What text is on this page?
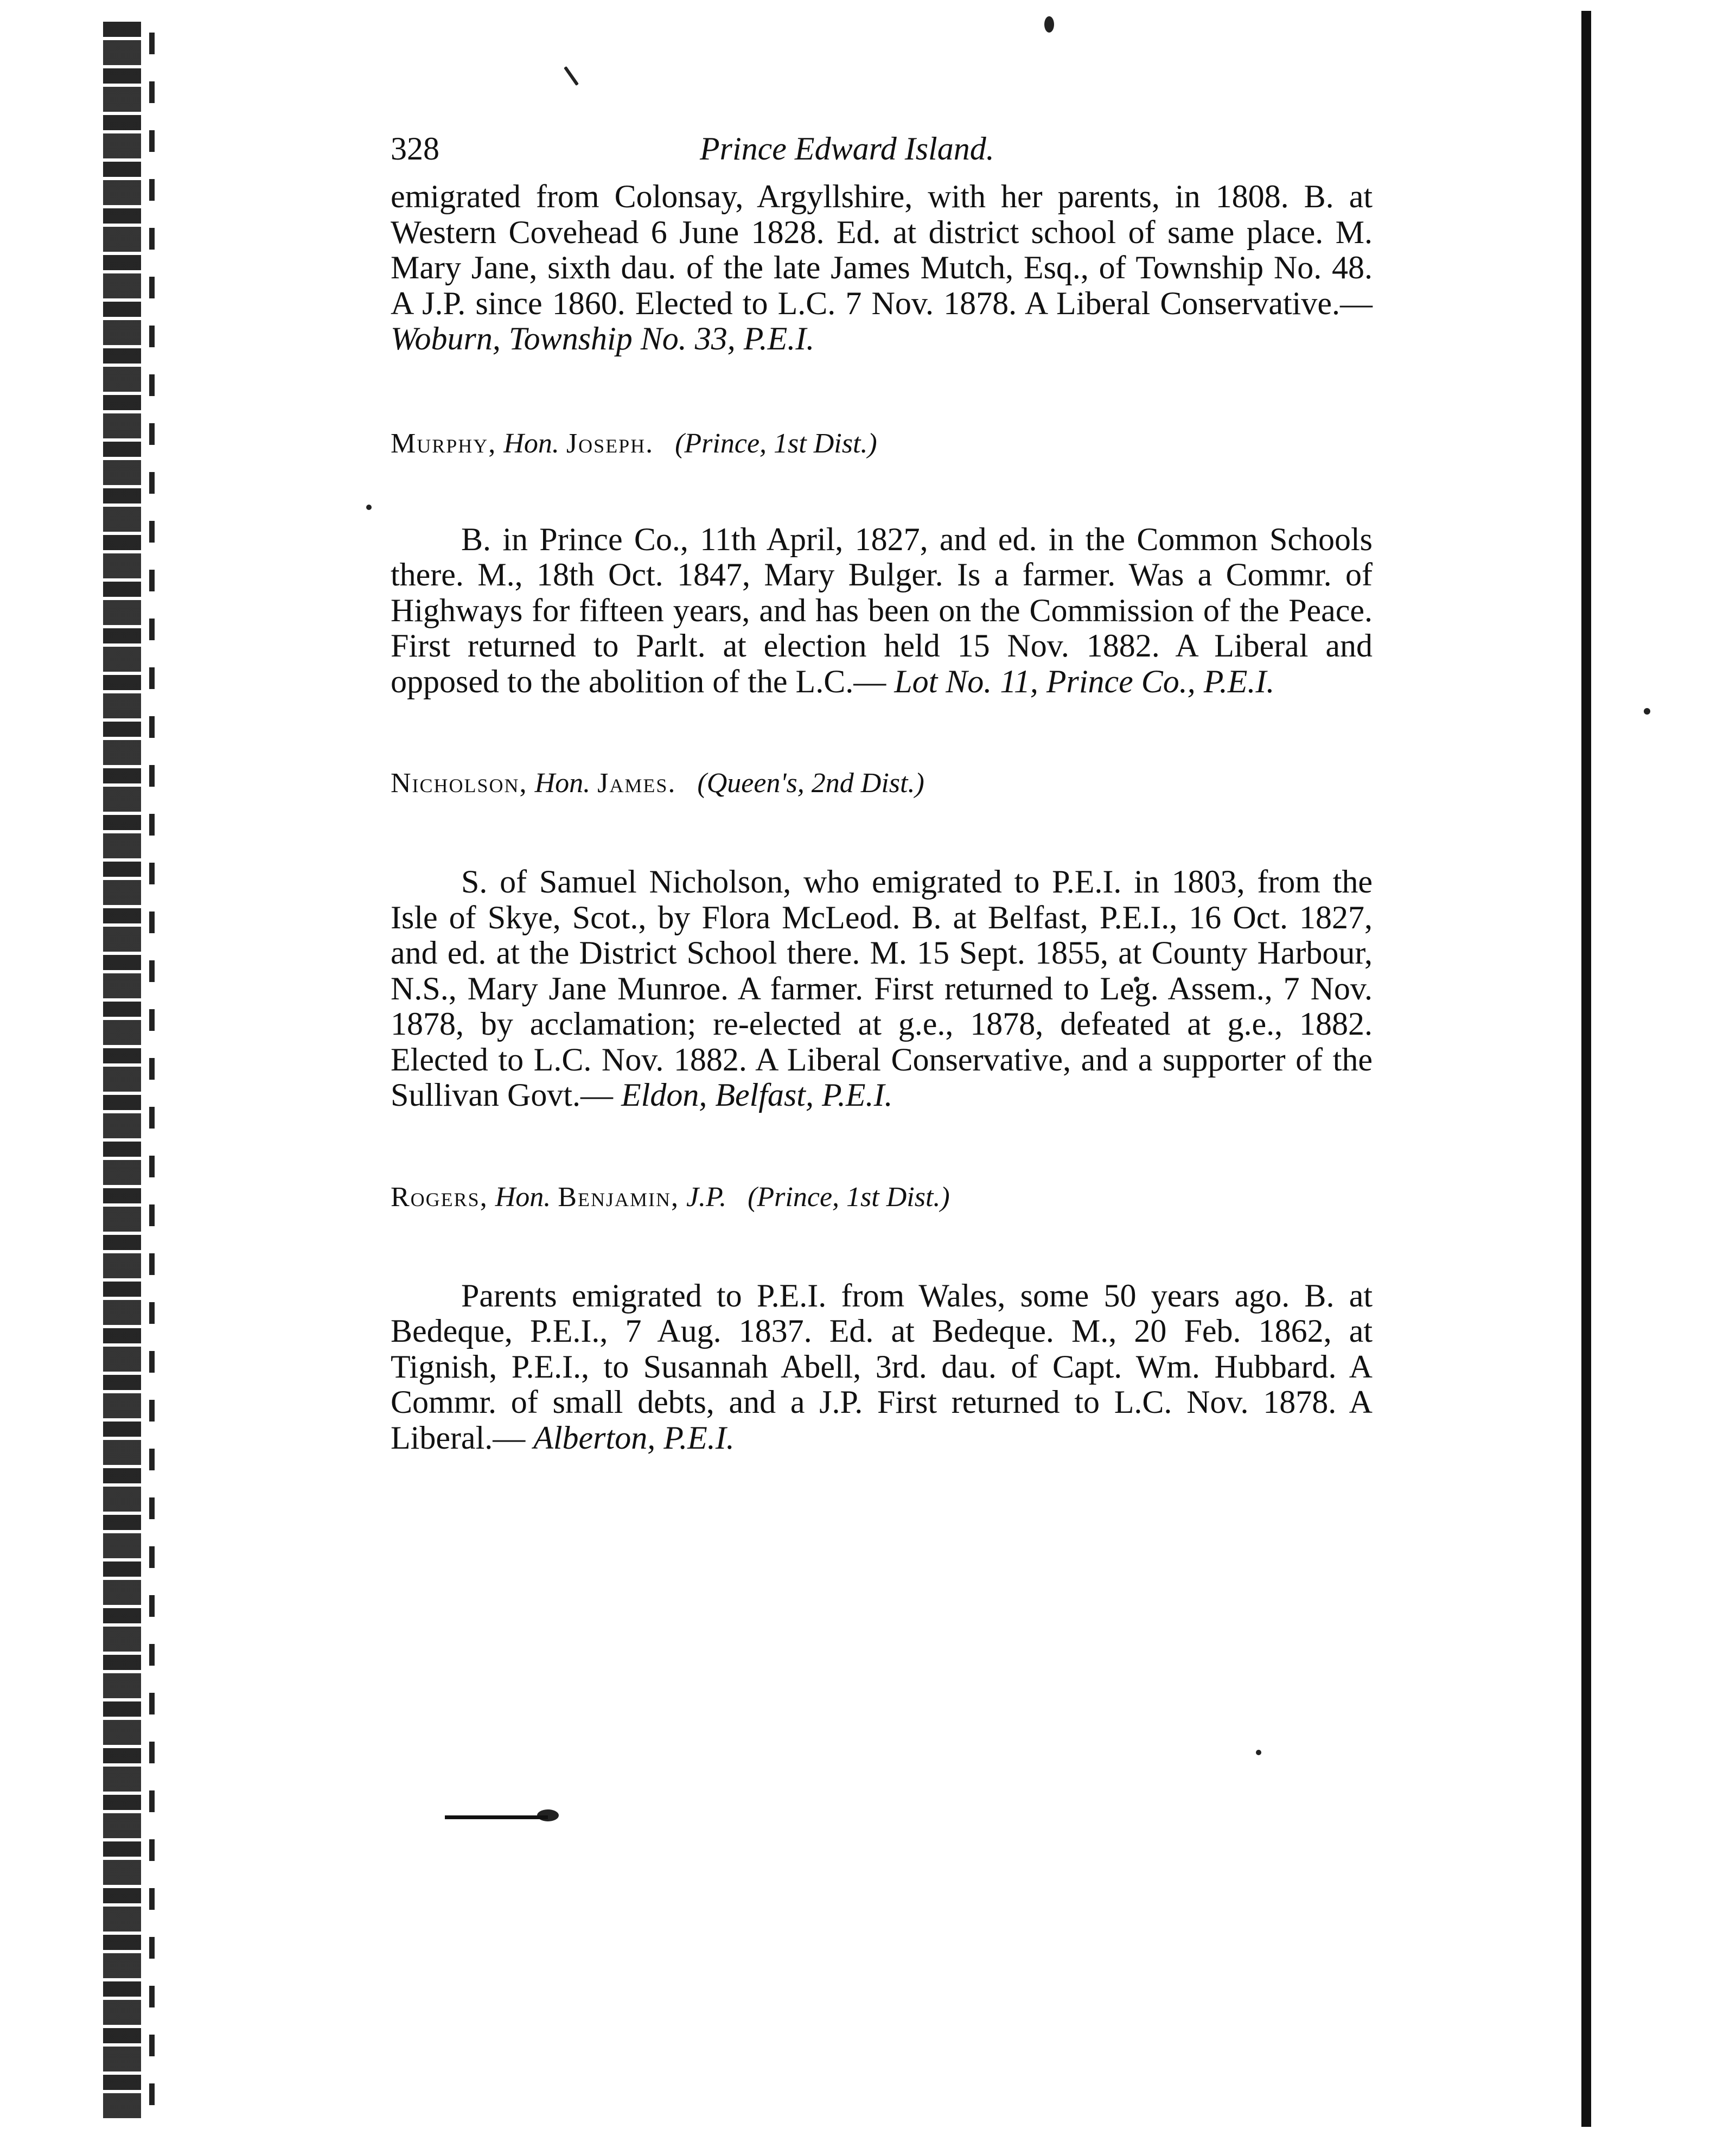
328	Prince Edward Island.

emigrated from Colonsay, Argyllshire, with her parents, in 1808. B. at Western Covehead 6 June 1828. Ed. at district school of same place. M. Mary Jane, sixth dau. of the late James Mutch, Esq., of Township No. 48. A J.P. since 1860. Elected to L.C. 7 Nov. 1878. A Liberal Conservative.— Woburn, Township No. 33, P.E.I.

Murphy, Hon. Joseph. (Prince, 1st Dist.)

B. in Prince Co., 11th April, 1827, and ed. in the Common Schools there. M., 18th Oct. 1847, Mary Bulger. Is a farmer. Was a Commr. of Highways for fifteen years, and has been on the Commission of the Peace. First returned to Parlt. at election held 15 Nov. 1882. A Liberal and opposed to the abolition of the L.C.— Lot No. 11, Prince Co., P.E.I.

Nicholson, Hon. James. (Queen's, 2nd Dist.)

S. of Samuel Nicholson, who emigrated to P.E.I. in 1803, from the Isle of Skye, Scot., by Flora McLeod. B. at Belfast, P.E.I., 16 Oct. 1827, and ed. at the District School there. M. 15 Sept. 1855, at County Harbour, N.S., Mary Jane Munroe. A farmer. First returned to Leg. Assem., 7 Nov. 1878, by acclamation; re-elected at g.e., 1878, defeated at g.e., 1882. Elected to L.C. Nov. 1882. A Liberal Conservative, and a supporter of the Sullivan Govt.— Eldon, Belfast, P.E.I.

Rogers, Hon. Benjamin, J.P. (Prince, 1st Dist.)

Parents emigrated to P.E.I. from Wales, some 50 years ago. B. at Bedeque, P.E.I., 7 Aug. 1837. Ed. at Bedeque. M., 20 Feb. 1862, at Tignish, P.E.I., to Susannah Abell, 3rd. dau. of Capt. Wm. Hubbard. A Commr. of small debts, and a J.P. First returned to L.C. Nov. 1878. A Liberal.— Alberton, P.E.I.
